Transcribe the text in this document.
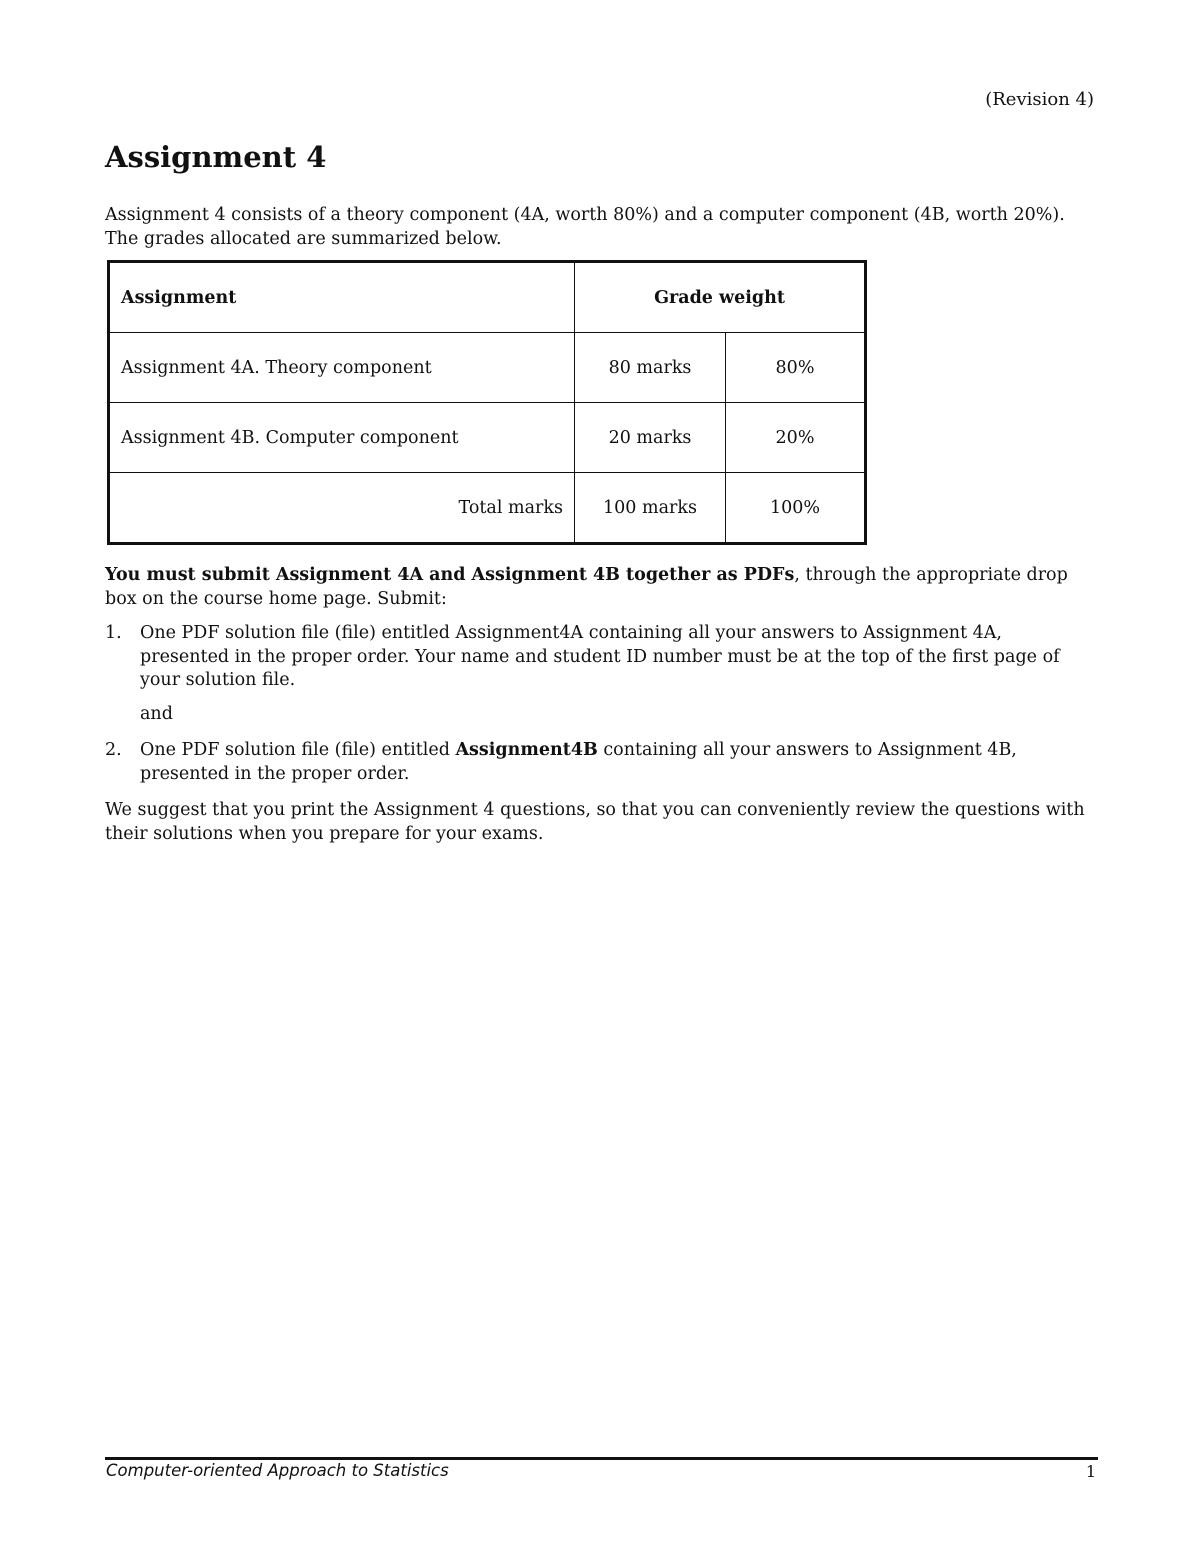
(Revision 4)
Assignment 4

Assignment 4 consists of a theory component (4A, worth 80%) and a computer component (4B, worth 20%).
The grades allocated are summarized below.

Assignment	Grade weight	
Assignment 4A. Theory component	80 marks	80%
Assignment 4B. Computer component	20 marks	20%
Total marks	100 marks	100%

You must submit Assignment 4A and Assignment 4B together as PDFs, through the appropriate drop box on the course home page. Submit:

1. One PDF solution file (file) entitled Assignment4A containing all your answers to Assignment 4A, presented in the proper order. Your name and student ID number must be at the top of the first page of your solution file.
and
2. One PDF solution file (file) entitled Assignment4B containing all your answers to Assignment 4B, presented in the proper order.

We suggest that you print the Assignment 4 questions, so that you can conveniently review the questions with their solutions when you prepare for your exams.

Computer-oriented Approach to Statistics	1
